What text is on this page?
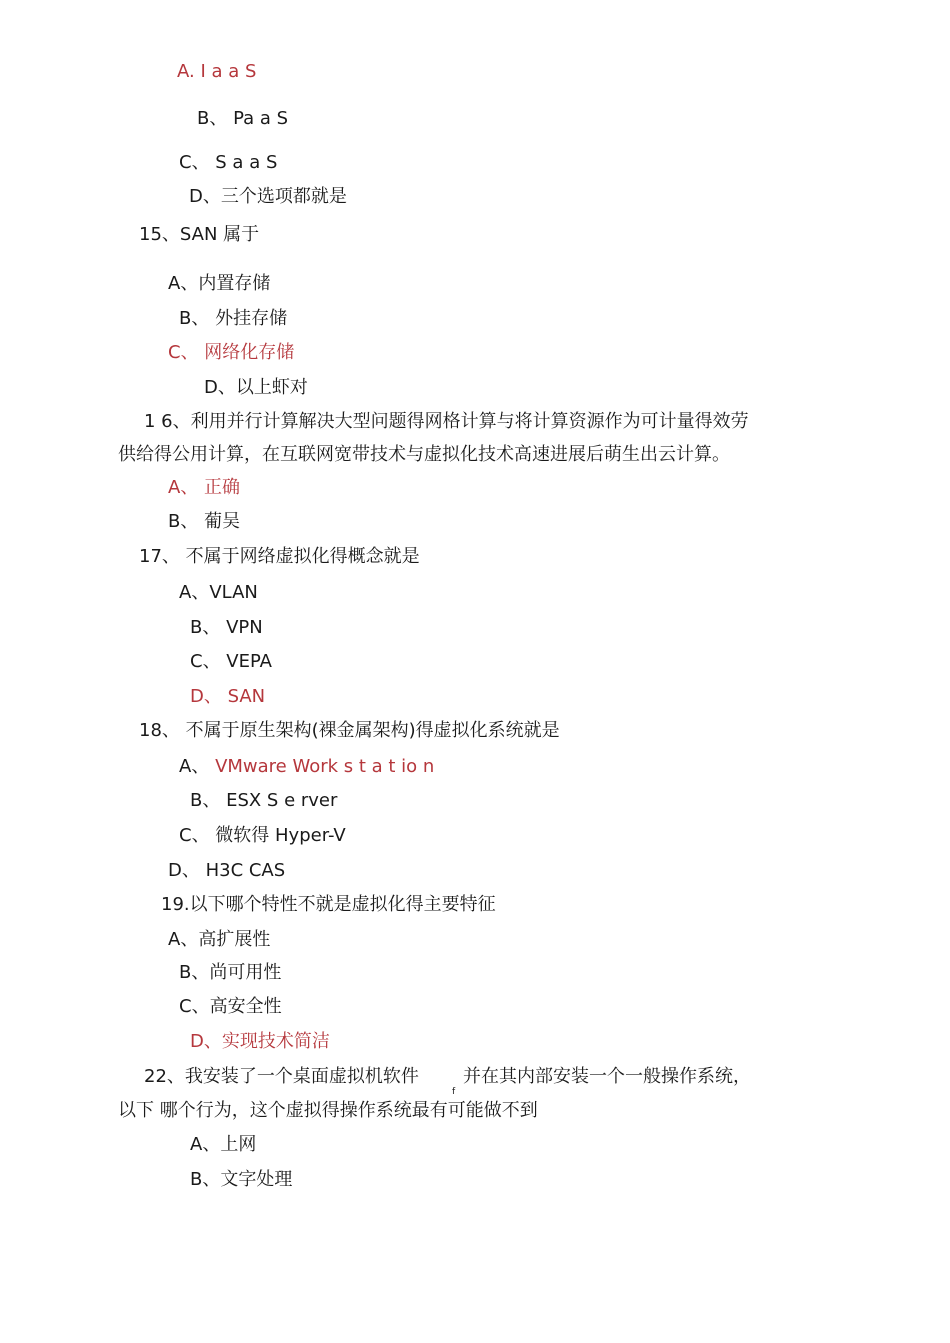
A. I a a S
B、 Pa a S
C、 S a a S
D、三个选项都就是
15、SAN 属于
A、内置存储
B、 外挂存储
C、 网络化存储
D、以上虾对
1 6、利用并行计算解决大型问题得网格计算与将计算资源作为可计量得效劳
供给得公用计算，在互联网宽带技术与虚拟化技术高速进展后萌生出云计算。
A、 正确
B、 葡吴
17、 不属于网络虚拟化得概念就是
A、VLAN
B、 VPN
C、 VEPA
D、 SAN
18、 不属于原生架构(裸金属架构)得虚拟化系统就是
A、 VMware Work s t a t io n
B、 ESX S e rver
C、 微软得 Hyper-V
D、 H3C CAS
19.以下哪个特性不就是虚拟化得主要特征
A、高扩展性
B、尚可用性
C、高安全性
D、实现技术简洁
22、我安装了一个桌面虚拟机软件
f
并在其内部安装一个一般操作系统，
以下 哪个行为，这个虚拟得操作系统最有可能做不到
A、上网
B、文字处理
